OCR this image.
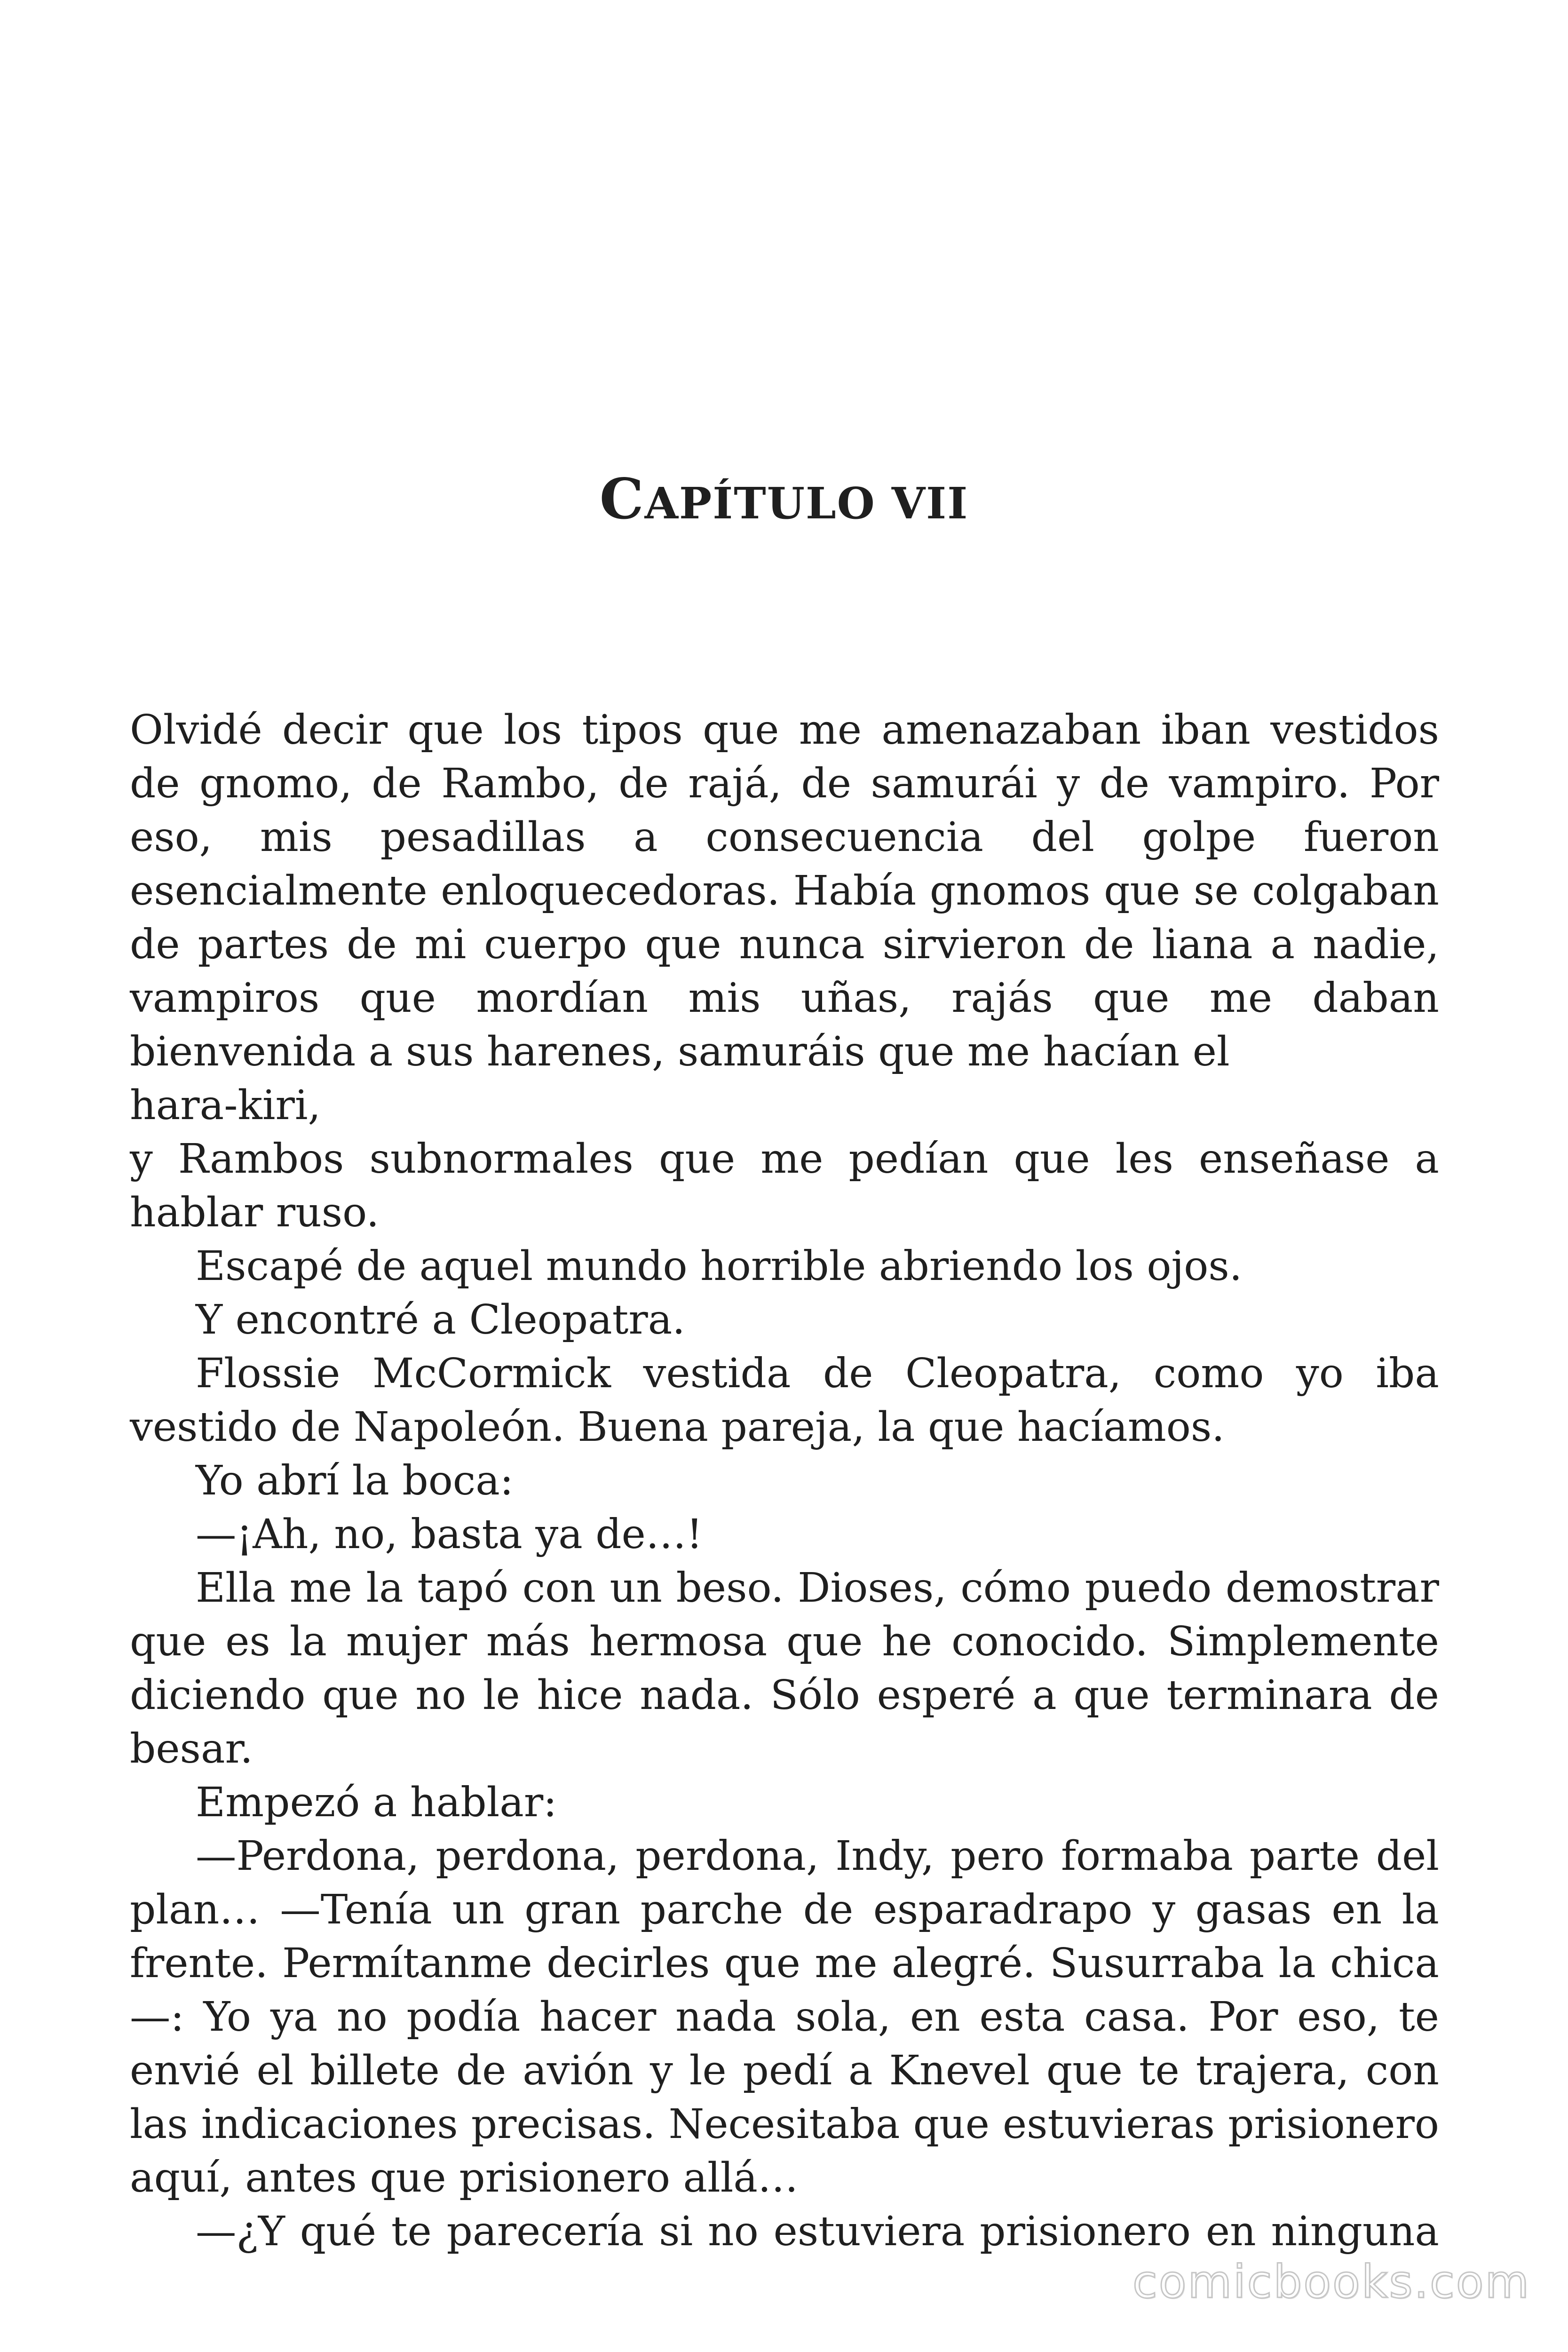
CAPÍTULO VII

Olvidé decir que los tipos que me amenazaban iban vestidos de gnomo, de Rambo, de rajá, de samurái y de vampiro. Por eso, mis pesadillas a consecuencia del golpe fueron esencialmente enloquecedoras. Había gnomos que se colgaban de partes de mi cuerpo que nunca sirvieron de liana a nadie, vampiros que mordían mis uñas, rajás que me daban bienvenida a sus harenes, samuráis que me hacían el

hara-kiri,

y Rambos subnormales que me pedían que les enseñase a hablar ruso.

Escapé de aquel mundo horrible abriendo los ojos.

Y encontré a Cleopatra.

Flossie McCormick vestida de Cleopatra, como yo iba vestido de Napoleón. Buena pareja, la que hacíamos.

Yo abrí la boca:

—¡Ah, no, basta ya de…!

Ella me la tapó con un beso. Dioses, cómo puedo demostrar que es la mujer más hermosa que he conocido. Simplemente diciendo que no le hice nada. Sólo esperé a que terminara de besar.

Empezó a hablar:

—Perdona, perdona, perdona, Indy, pero formaba parte del plan… —Tenía un gran parche de esparadrapo y gasas en la frente. Permítanme decirles que me alegré. Susurraba la chica—: Yo ya no podía hacer nada sola, en esta casa. Por eso, te envié el billete de avión y le pedí a Knevel que te trajera, con las indicaciones precisas. Necesitaba que estuvieras prisionero aquí, antes que prisionero allá…

—¿Y qué te parecería si no estuviera prisionero en ninguna

comicbooks.com
